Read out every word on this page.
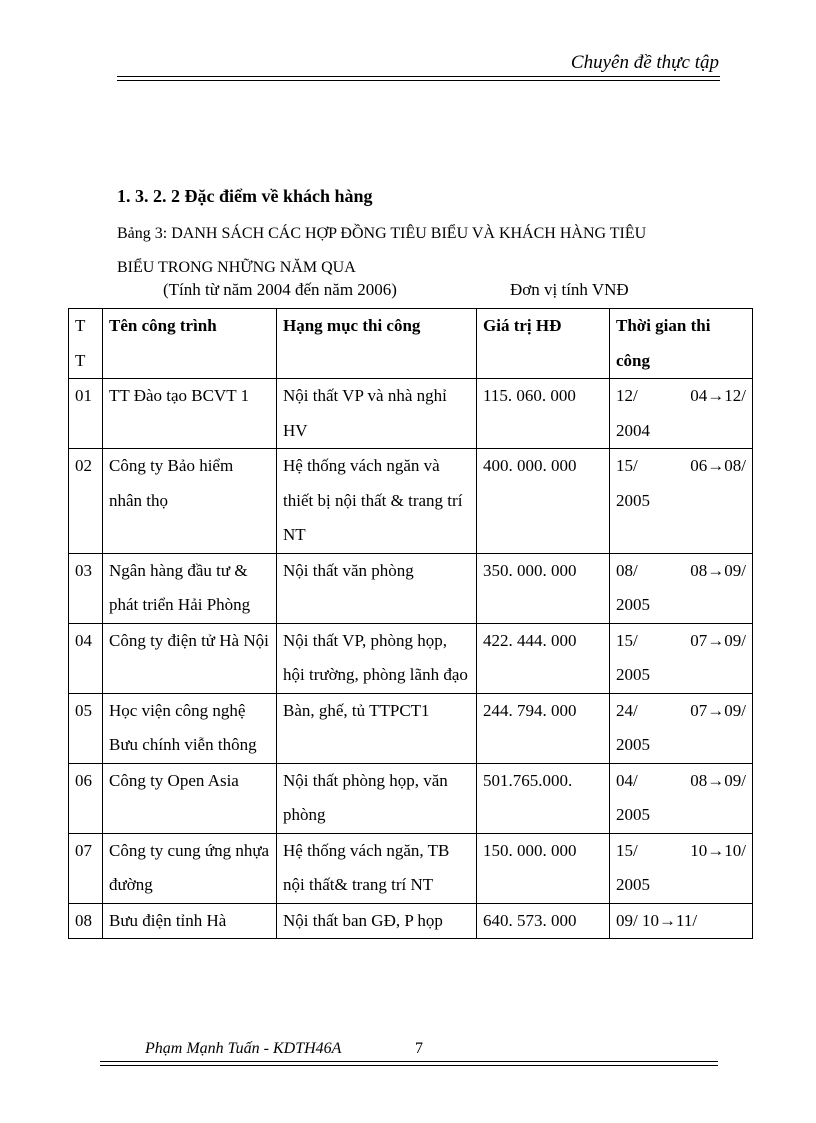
Chuyên đề thực tập
1. 3. 2. 2 Đặc điểm về khách hàng
Bảng 3: DANH SÁCH CÁC HỢP ĐỒNG TIÊU BIỂU VÀ KHÁCH HÀNG TIÊU BIỂU TRONG NHỮNG NĂM QUA
(Tính từ năm 2004 đến năm 2006)	Đơn vị tính VNĐ
T T	Tên công trình	Hạng mục thi công	Giá trị HĐ	Thời gian thi công
01	TT Đào tạo BCVT 1	Nội thất VP và nhà nghỉ HV	115. 060. 000	12/ 04→12/
2004

02	Công ty Bảo hiểm nhân thọ	Hệ thống vách ngăn và thiết bị nội thất & trang trí NT	400. 000. 000	15/ 06→08/
2005

03	Ngân hàng đầu tư & phát triển Hải Phòng	Nội thất văn phòng	350. 000. 000	08/ 08→09/
2005

04	Công ty điện tử Hà Nội	Nội thất VP, phòng họp, hội trường, phòng lãnh đạo	422. 444. 000	15/ 07→09/
2005

05	Học viện công nghệ Bưu chính viễn thông	Bàn, ghế, tủ TTPCT1	244. 794. 000	24/ 07→09/
2005

06	Công ty Open Asia	Nội thất phòng họp, văn phòng	501.765.000.	04/ 08→09/
2005

07	Công ty cung ứng nhựa đường	Hệ thống vách ngăn, TB nội thất& trang trí NT	150. 000. 000	15/ 10→10/
2005

08	Bưu điện tỉnh Hà	Nội thất ban GĐ, P họp	640. 573. 000	09/ 10→11/
Phạm Mạnh Tuấn - KDTH46A	7
